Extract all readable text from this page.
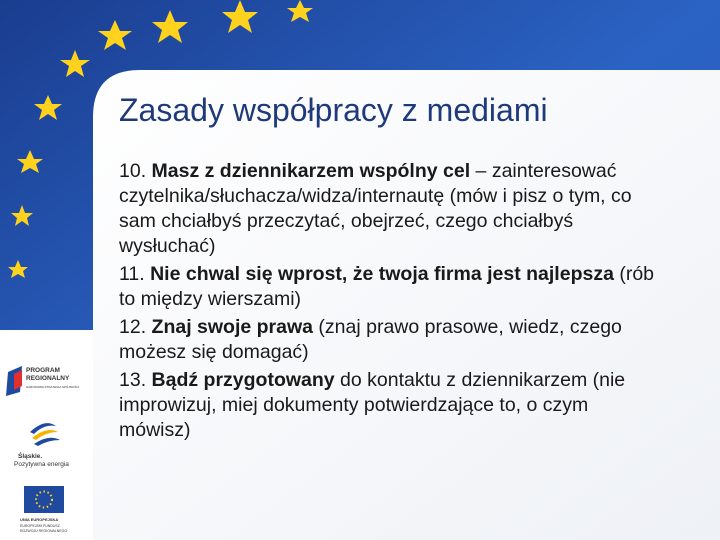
Zasady współpracy z mediami

10. Masz z dziennikarzem wspólny cel – zainteresować czytelnika/słuchacza/widza/internautę (mów i pisz o tym, co sam chciałbyś przeczytać, obejrzeć, czego chciałbyś wysłuchać)

11. Nie chwal się wprost, że twoja firma jest najlepsza (rób to między wierszami)

12. Znaj swoje prawa (znaj prawo prasowe, wiedz, czego możesz się domagać)

13. Bądź przygotowany do kontaktu z dziennikarzem (nie improwizuj, miej dokumenty potwierdzające to, o czym mówisz)

PROGRAM
REGIONALNY
NARODOWA STRATEGIA SPÓJNOŚCI
Śląskie.
Pozytywna energia
UNIA EUROPEJSKA
EUROPEJSKI FUNDUSZ
ROZWOJU REGIONALNEGO
